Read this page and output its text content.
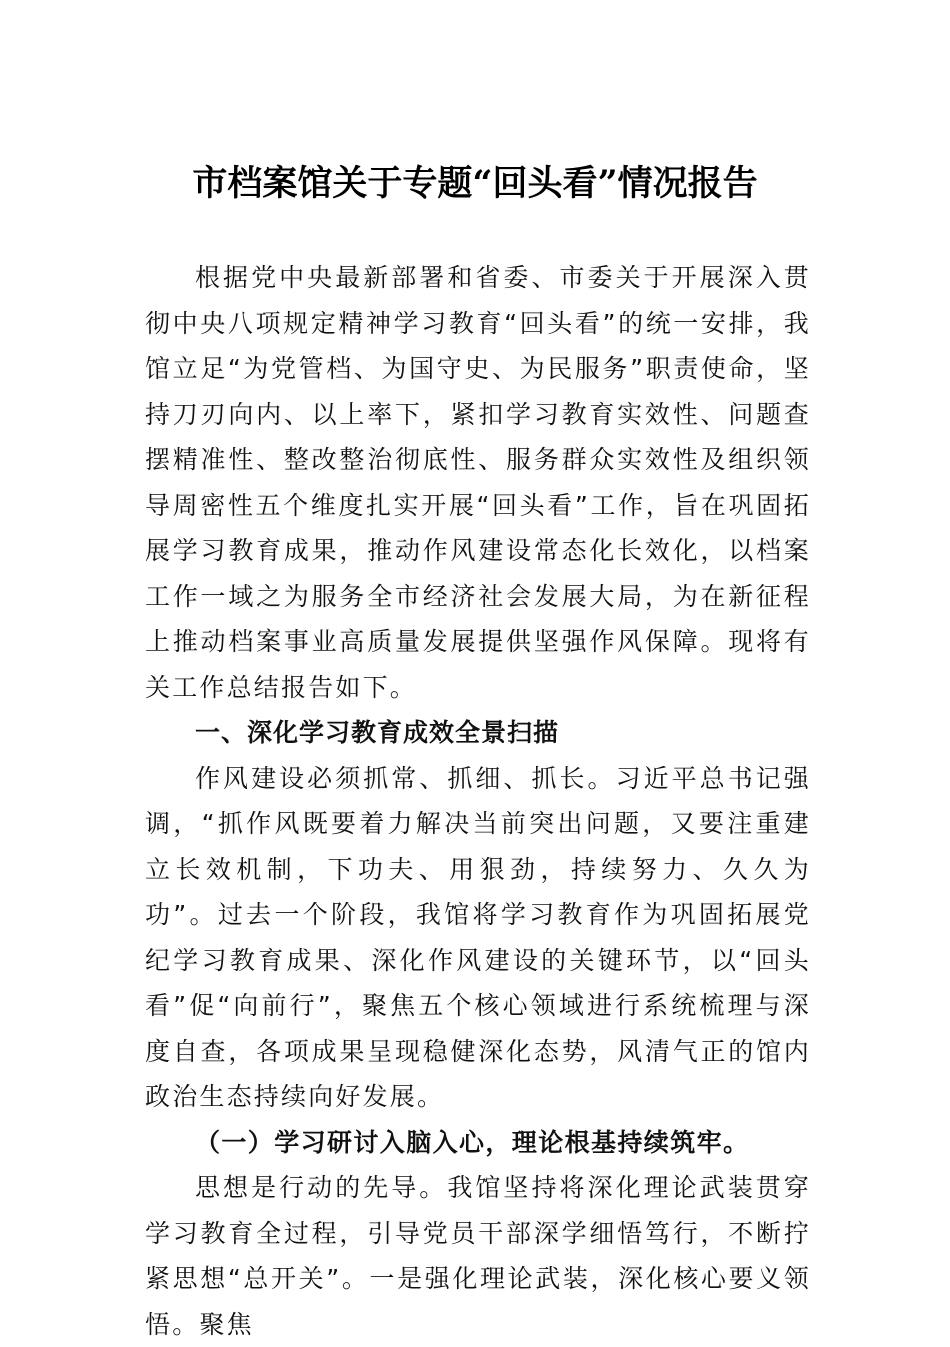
市档案馆关于专题“回头看”情况报告

根据党中央最新部署和省委、市委关于开展深入贯彻中央八项规定精神学习教育“回头看”的统一安排，我馆立足“为党管档、为国守史、为民服务”职责使命，坚持刀刃向内、以上率下，紧扣学习教育实效性、问题查摆精准性、整改整治彻底性、服务群众实效性及组织领导周密性五个维度扎实开展“回头看”工作，旨在巩固拓展学习教育成果，推动作风建设常态化长效化，以档案工作一域之为服务全市经济社会发展大局，为在新征程上推动档案事业高质量发展提供坚强作风保障。现将有关工作总结报告如下。

一、深化学习教育成效全景扫描

作风建设必须抓常、抓细、抓长。习近平总书记强调，“抓作风既要着力解决当前突出问题，又要注重建立长效机制，下功夫、用狠劲，持续努力、久久为功”。过去一个阶段，我馆将学习教育作为巩固拓展党纪学习教育成果、深化作风建设的关键环节，以“回头看”促“向前行”，聚焦五个核心领域进行系统梳理与深度自查，各项成果呈现稳健深化态势，风清气正的馆内政治生态持续向好发展。

（一）学习研讨入脑入心，理论根基持续筑牢。

思想是行动的先导。我馆坚持将深化理论武装贯穿学习教育全过程，引导党员干部深学细悟笃行，不断拧紧思想“总开关”。一是强化理论武装，深化核心要义领悟。聚焦
